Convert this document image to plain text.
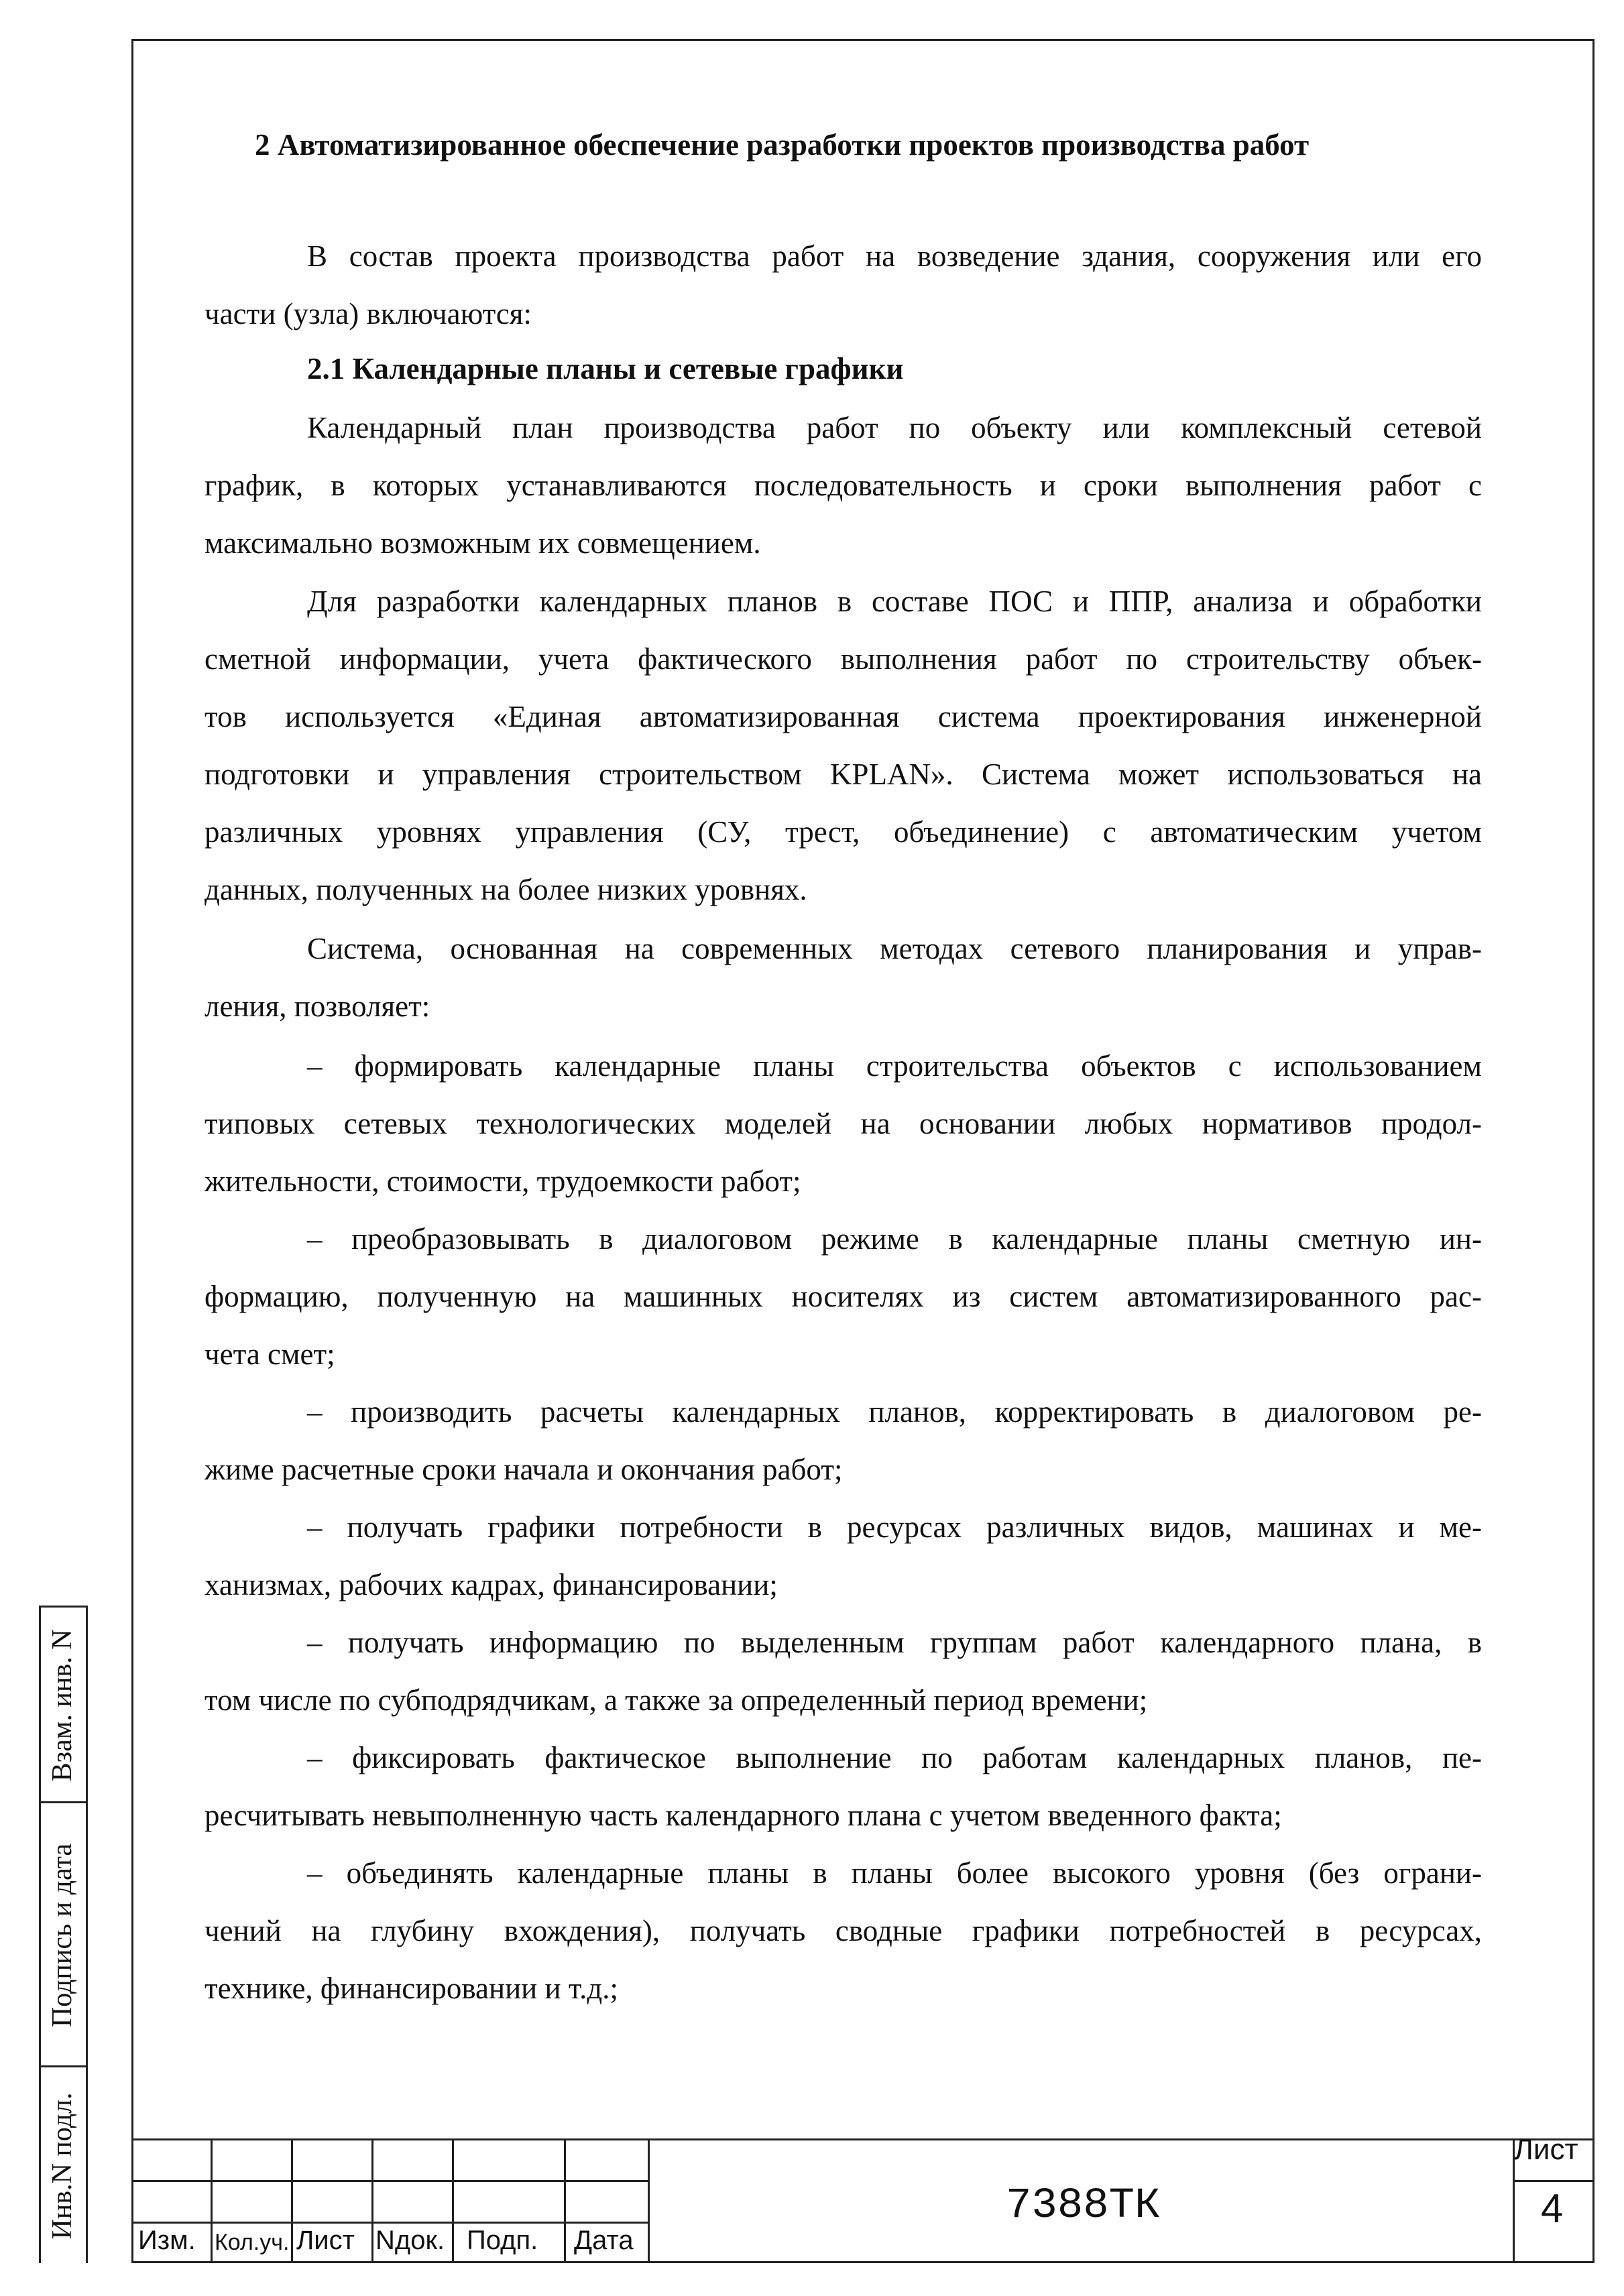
2 Автоматизированное обеспечение разработки проектов производства работ
В состав проекта производства работ на возведение здания, сооружения или его
части (узла) включаются:
2.1 Календарные планы и сетевые графики
Календарный план производства работ по объекту или комплексный сетевой
график, в которых устанавливаются последовательность и сроки выполнения работ с
максимально возможным их совмещением.
Для разработки календарных планов в составе ПОС и ППР, анализа и обработки
сметной информации, учета фактического выполнения работ по строительству объек-
тов используется «Единая автоматизированная система проектирования инженерной
подготовки и управления строительством KPLAN». Система может использоваться на
различных уровнях управления (СУ, трест, объединение) с автоматическим учетом
данных, полученных на более низких уровнях.
Система, основанная на современных методах сетевого планирования и управ-
ления, позволяет:
– формировать календарные планы строительства объектов с использованием
типовых сетевых технологических моделей на основании любых нормативов продол-
жительности, стоимости, трудоемкости работ;
– преобразовывать в диалоговом режиме в календарные планы сметную ин-
формацию, полученную на машинных носителях из систем автоматизированного рас-
чета смет;
– производить расчеты календарных планов, корректировать в диалоговом ре-
жиме расчетные сроки начала и окончания работ;
– получать графики потребности в ресурсах различных видов, машинах и ме-
ханизмах, рабочих кадрах, финансировании;
– получать информацию по выделенным группам работ календарного плана, в
том числе по субподрядчикам, а также за определенный период времени;
– фиксировать фактическое выполнение по работам календарных планов, пе-
ресчитывать невыполненную часть календарного плана с учетом введенного факта;
– объединять календарные планы в планы более высокого уровня (без ограни-
чений на глубину вхождения), получать сводные графики потребностей в ресурсах,
технике, финансировании и т.д.;
Взам. инв. N
Подпись и дата
Инв.N подл.
Изм. Кол.уч. Лист Nдок. Подп. Дата
7388ТК
Лист
4
